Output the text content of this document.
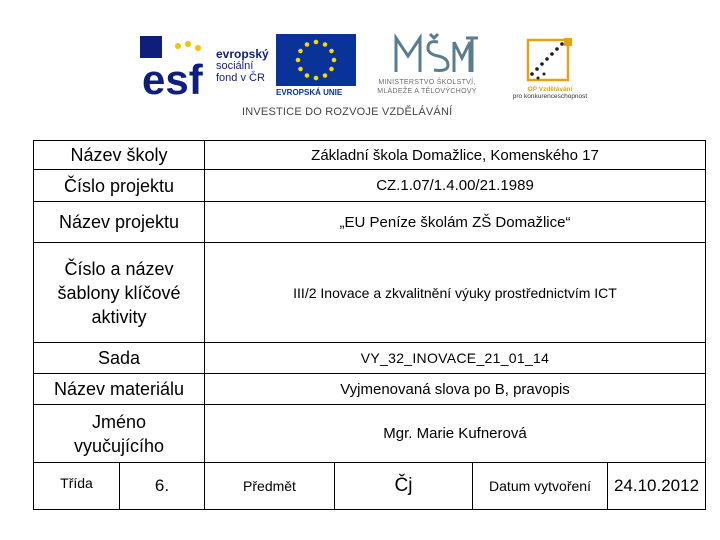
esf
evropský
sociální
fond v ČR
EVROPSKÁ UNIE
MINISTERSTVO ŠKOLSTVÍ,
MLÁDEŽE A TĚLOVÝCHOVY	OP Vzdělávání
pro konkurenceschopnost
INVESTICE DO ROZVOJE VZDĚLÁVÁNÍ
Název školy		Základní škola Domažlice, Komenského 17			
Číslo projektu		CZ.1.07/1.4.00/21.1989			
Název projektu		„EU Peníze školám ZŠ Domažlice“			
Číslo a název šablony klíčové aktivity		III/2 Inovace a zkvalitnění výuky prostřednictvím ICT			
Sada		VY_32_INOVACE_21_01_14			
Název materiálu		Vyjmenovaná slova po B, pravopis			
Jméno vyučujícího		Mgr. Marie Kufnerová			
Třída	6.	Předmět	Čj	Datum vytvoření	24.10.2012
